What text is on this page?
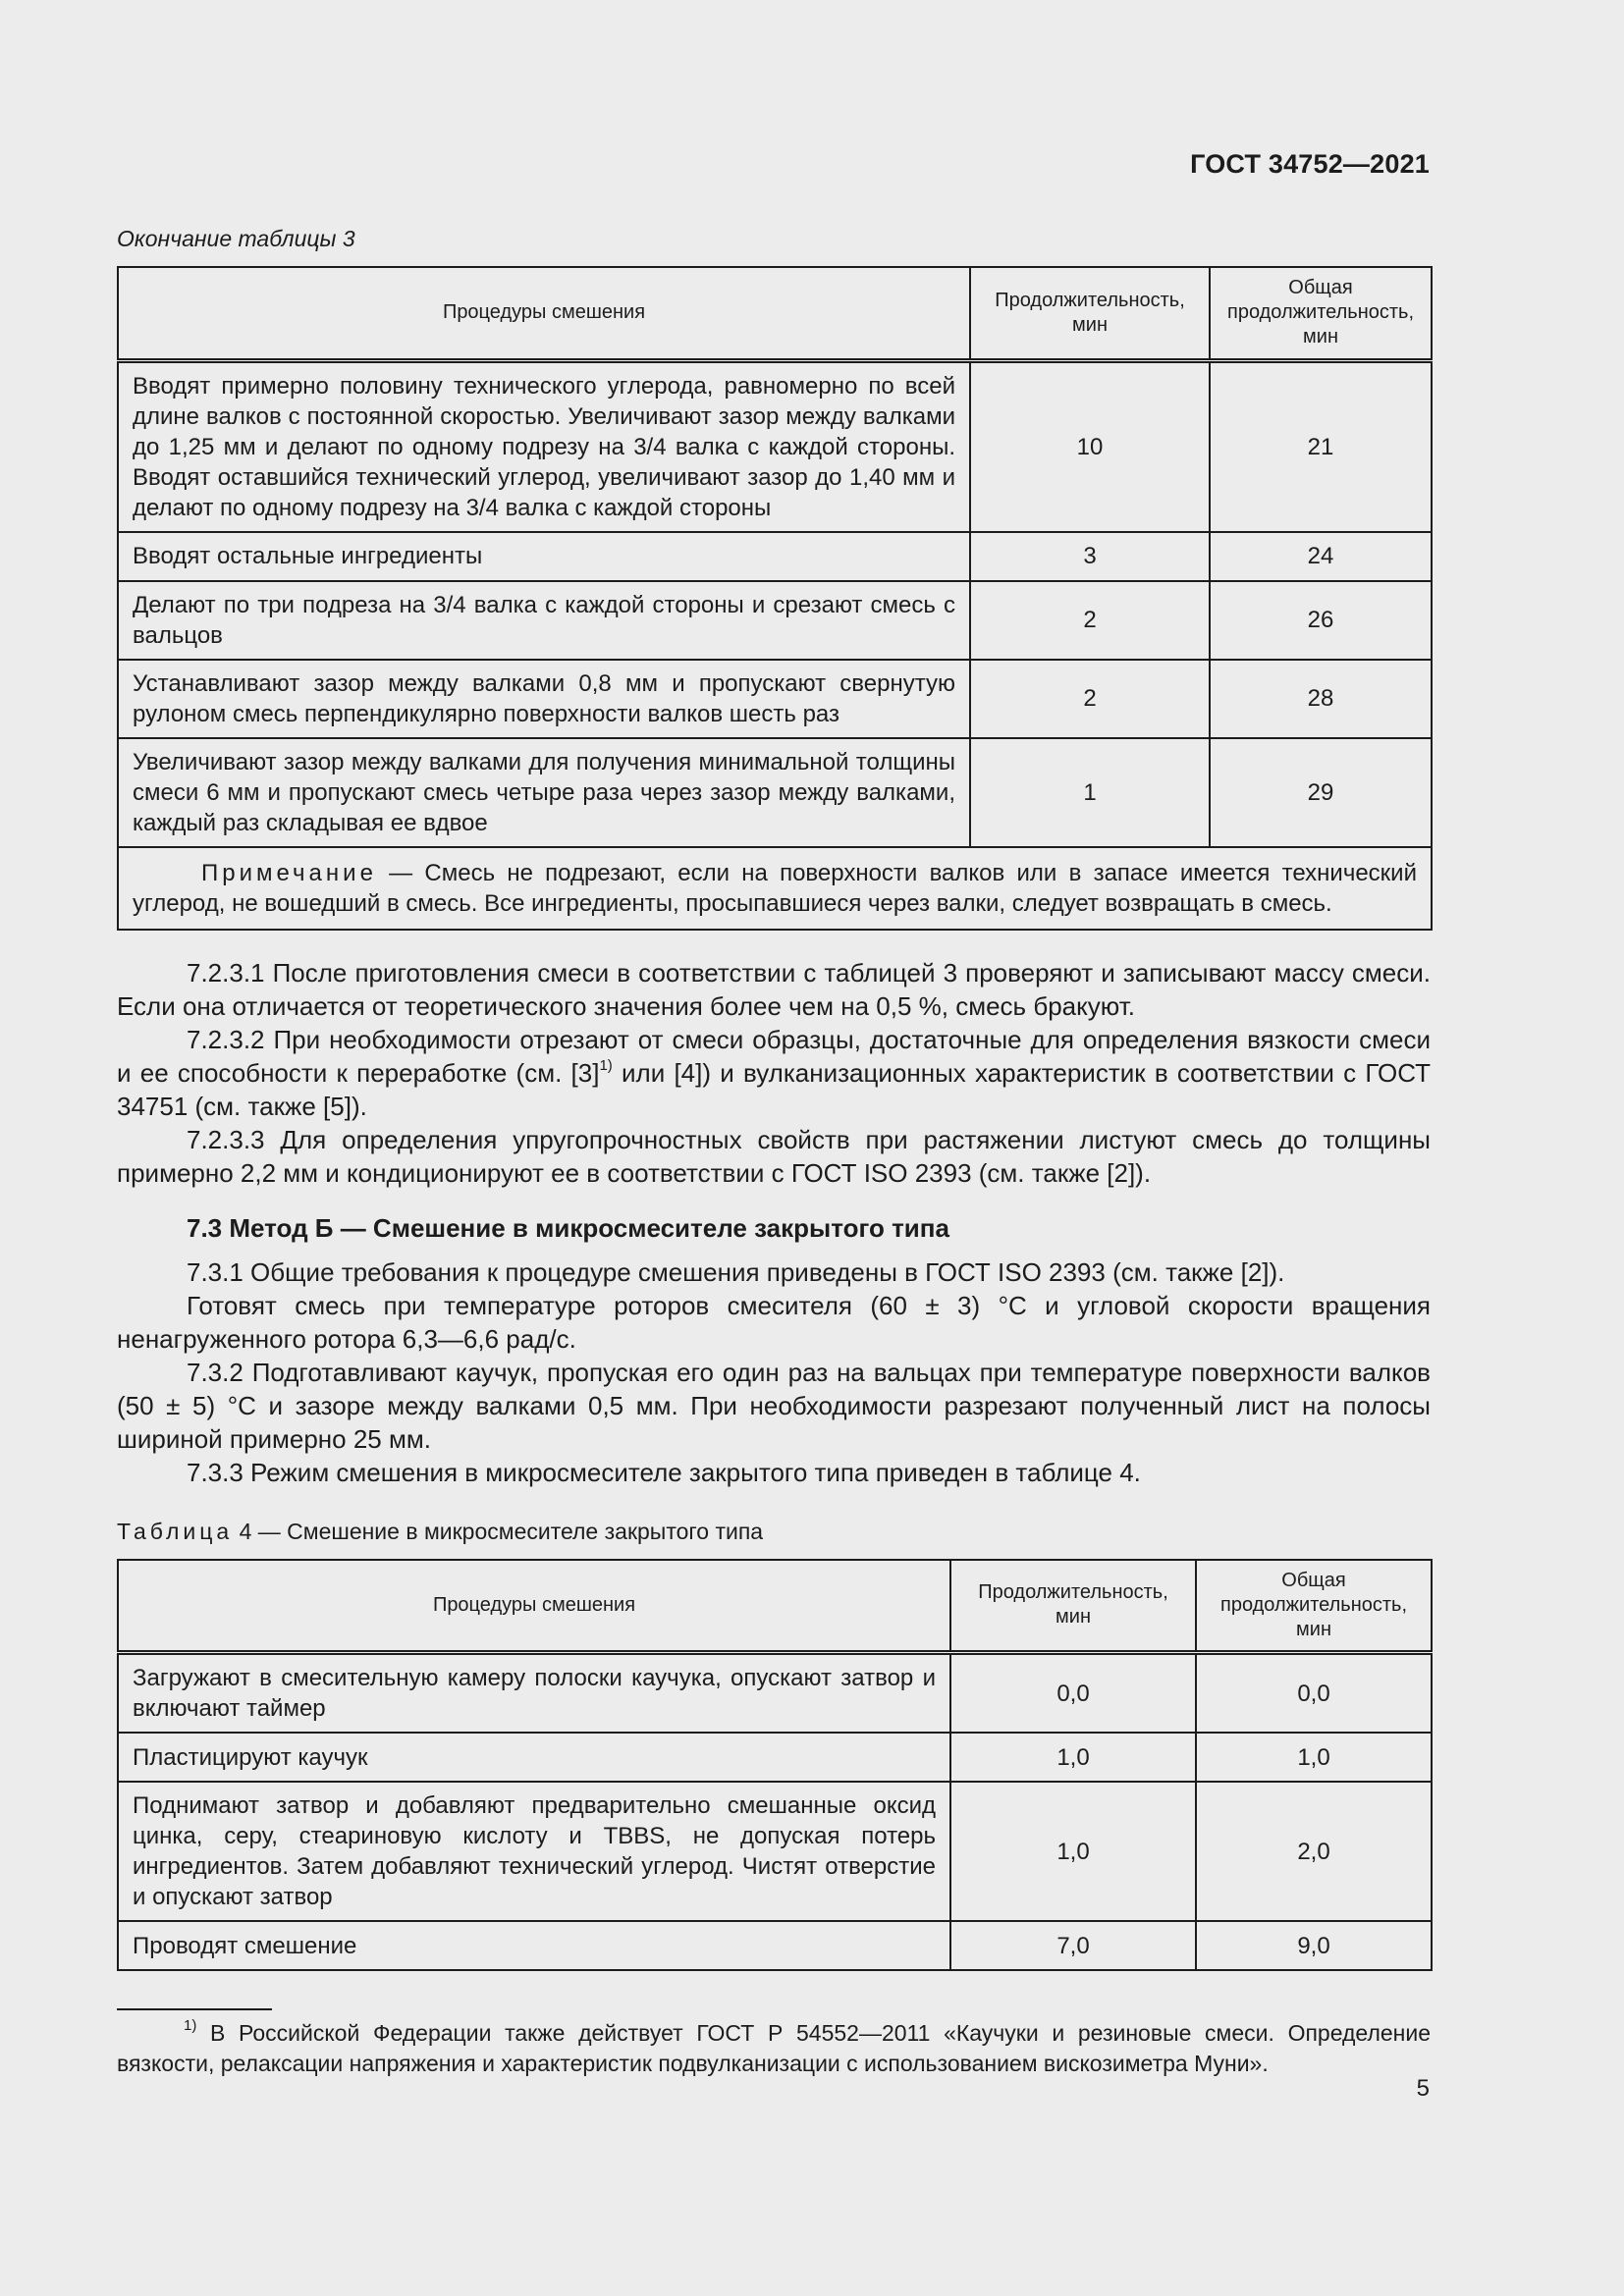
ГОСТ 34752—2021

Окончание таблицы 3

Процедуры смешения	Продолжительность, мин	Общая продолжительность, мин
Вводят примерно половину технического углерода, равномерно по всей длине валков с постоянной скоростью. Увеличивают зазор между валками до 1,25 мм и делают по одному подрезу на 3/4 валка с каждой стороны. Вводят оставшийся технический углерод, увеличивают зазор до 1,40 мм и делают по одному подрезу на 3/4 валка с каждой стороны	10	21
Вводят остальные ингредиенты	3	24
Делают по три подреза на 3/4 валка с каждой стороны и срезают смесь с вальцов	2	26
Устанавливают зазор между валками 0,8 мм и пропускают свернутую рулоном смесь перпендикулярно поверхности валков шесть раз	2	28
Увеличивают зазор между валками для получения минимальной толщины смеси 6 мм и пропускают смесь четыре раза через зазор между валками, каждый раз складывая ее вдвое	1	29
Примечание — Смесь не подрезают, если на поверхности валков или в запасе имеется технический углерод, не вошедший в смесь. Все ингредиенты, просыпавшиеся через валки, следует возвращать в смесь.		

7.2.3.1 После приготовления смеси в соответствии с таблицей 3 проверяют и записывают массу смеси. Если она отличается от теоретического значения более чем на 0,5 %, смесь бракуют.

7.2.3.2 При необходимости отрезают от смеси образцы, достаточные для определения вязкости смеси и ее способности к переработке (см. $[3]^{1)}$ или [4]) и вулканизационных характеристик в соответствии с ГОСТ 34751 (см. также [5]).

7.2.3.3 Для определения упругопрочностных свойств при растяжении листуют смесь до толщины примерно 2,2 мм и кондиционируют ее в соответствии с ГОСТ ISO 2393 (см. также [2]).

7.3 Метод Б — Смешение в микросмесителе закрытого типа

7.3.1 Общие требования к процедуре смешения приведены в ГОСТ ISO 2393 (см. также [2]).

Готовят смесь при температуре роторов смесителя (60 ± 3) °С и угловой скорости вращения ненагруженного ротора 6,3—6,6 рад/с.

7.3.2 Подготавливают каучук, пропуская его один раз на вальцах при температуре поверхности валков (50 ± 5) °С и зазоре между валками 0,5 мм. При необходимости разрезают полученный лист на полосы шириной примерно 25 мм.

7.3.3 Режим смешения в микросмесителе закрытого типа приведен в таблице 4.

Таблица 4 — Смешение в микросмесителе закрытого типа

Процедуры смешения	Продолжительность, мин	Общая продолжительность, мин
Загружают в смесительную камеру полоски каучука, опускают затвор и включают таймер	0,0	0,0
Пластицируют каучук	1,0	1,0
Поднимают затвор и добавляют предварительно смешанные оксид цинка, серу, стеариновую кислоту и TBBS, не допуская потерь ингредиентов. Затем добавляют технический углерод. Чистят отверстие и опускают затвор	1,0	2,0
Проводят смешение	7,0	9,0

$^{1)}$ В Российской Федерации также действует ГОСТ Р 54552—2011 «Каучуки и резиновые смеси. Определение вязкости, релаксации напряжения и характеристик подвулканизации с использованием вискозиметра Муни».

5
